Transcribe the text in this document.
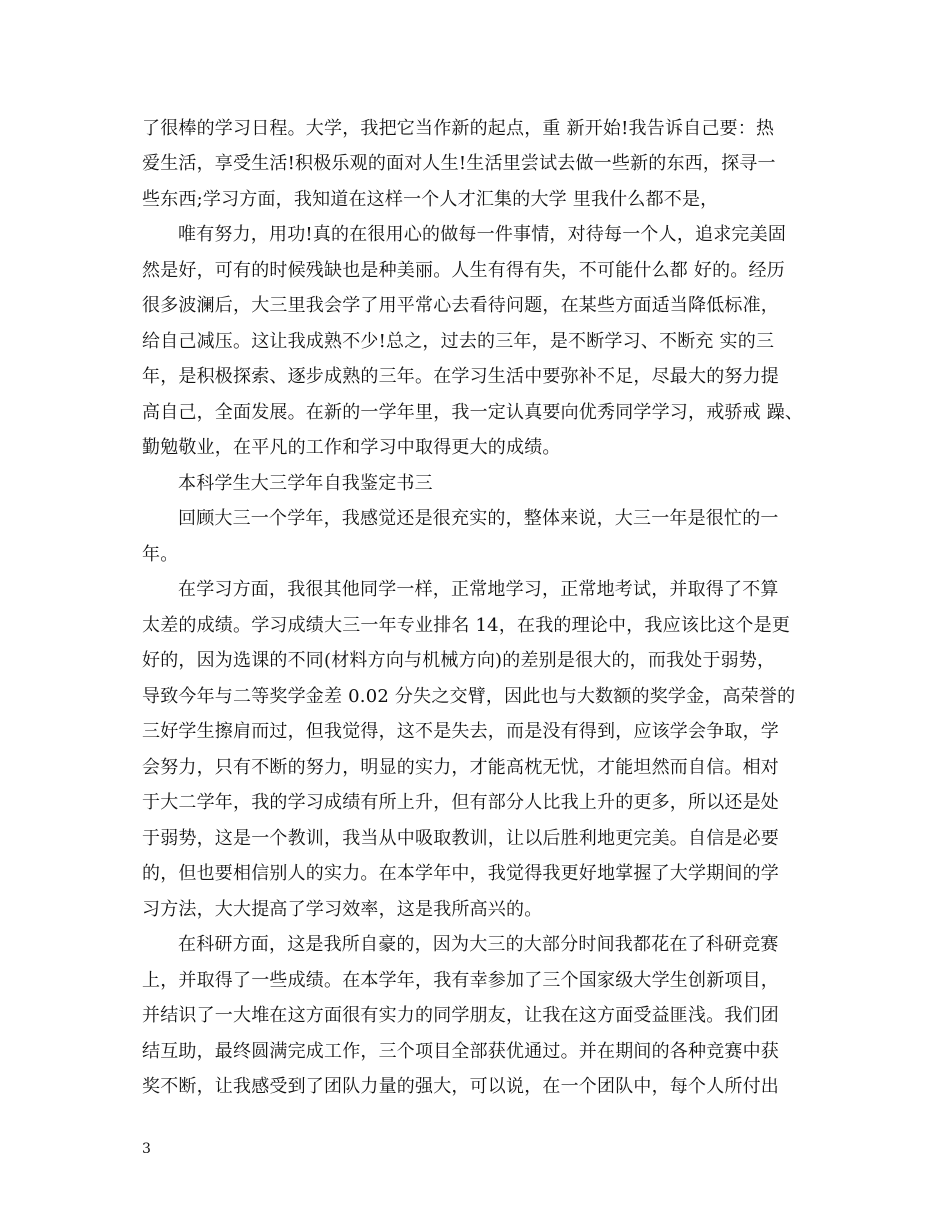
了很棒的学习日程。大学，我把它当作新的起点，重 新开始!我告诉自己要：热
爱生活，享受生活!积极乐观的面对人生!生活里尝试去做一些新的东西，探寻一
些东西;学习方面，我知道在这样一个人才汇集的大学 里我什么都不是，
唯有努力，用功!真的在很用心的做每一件事情，对待每一个人，追求完美固
然是好，可有的时候残缺也是种美丽。人生有得有失，不可能什么都 好的。经历
很多波澜后，大三里我会学了用平常心去看待问题，在某些方面适当降低标准，
给自己减压。这让我成熟不少!总之，过去的三年，是不断学习、不断充 实的三
年，是积极探索、逐步成熟的三年。在学习生活中要弥补不足，尽最大的努力提
高自己，全面发展。在新的一学年里，我一定认真要向优秀同学学习，戒骄戒 躁、
勤勉敬业，在平凡的工作和学习中取得更大的成绩。
本科学生大三学年自我鉴定书三
回顾大三一个学年，我感觉还是很充实的，整体来说，大三一年是很忙的一
年。
在学习方面，我很其他同学一样，正常地学习，正常地考试，并取得了不算
太差的成绩。学习成绩大三一年专业排名 14，在我的理论中，我应该比这个是更
好的，因为选课的不同(材料方向与机械方向)的差别是很大的，而我处于弱势，
导致今年与二等奖学金差 0.02 分失之交臂，因此也与大数额的奖学金，高荣誉的
三好学生擦肩而过，但我觉得，这不是失去，而是没有得到，应该学会争取，学
会努力，只有不断的努力，明显的实力，才能高枕无忧，才能坦然而自信。相对
于大二学年，我的学习成绩有所上升，但有部分人比我上升的更多，所以还是处
于弱势，这是一个教训，我当从中吸取教训，让以后胜利地更完美。自信是必要
的，但也要相信别人的实力。在本学年中，我觉得我更好地掌握了大学期间的学
习方法，大大提高了学习效率，这是我所高兴的。
在科研方面，这是我所自豪的，因为大三的大部分时间我都花在了科研竞赛
上，并取得了一些成绩。在本学年，我有幸参加了三个国家级大学生创新项目，
并结识了一大堆在这方面很有实力的同学朋友，让我在这方面受益匪浅。我们团
结互助，最终圆满完成工作，三个项目全部获优通过。并在期间的各种竞赛中获
奖不断，让我感受到了团队力量的强大，可以说，在一个团队中，每个人所付出
3
